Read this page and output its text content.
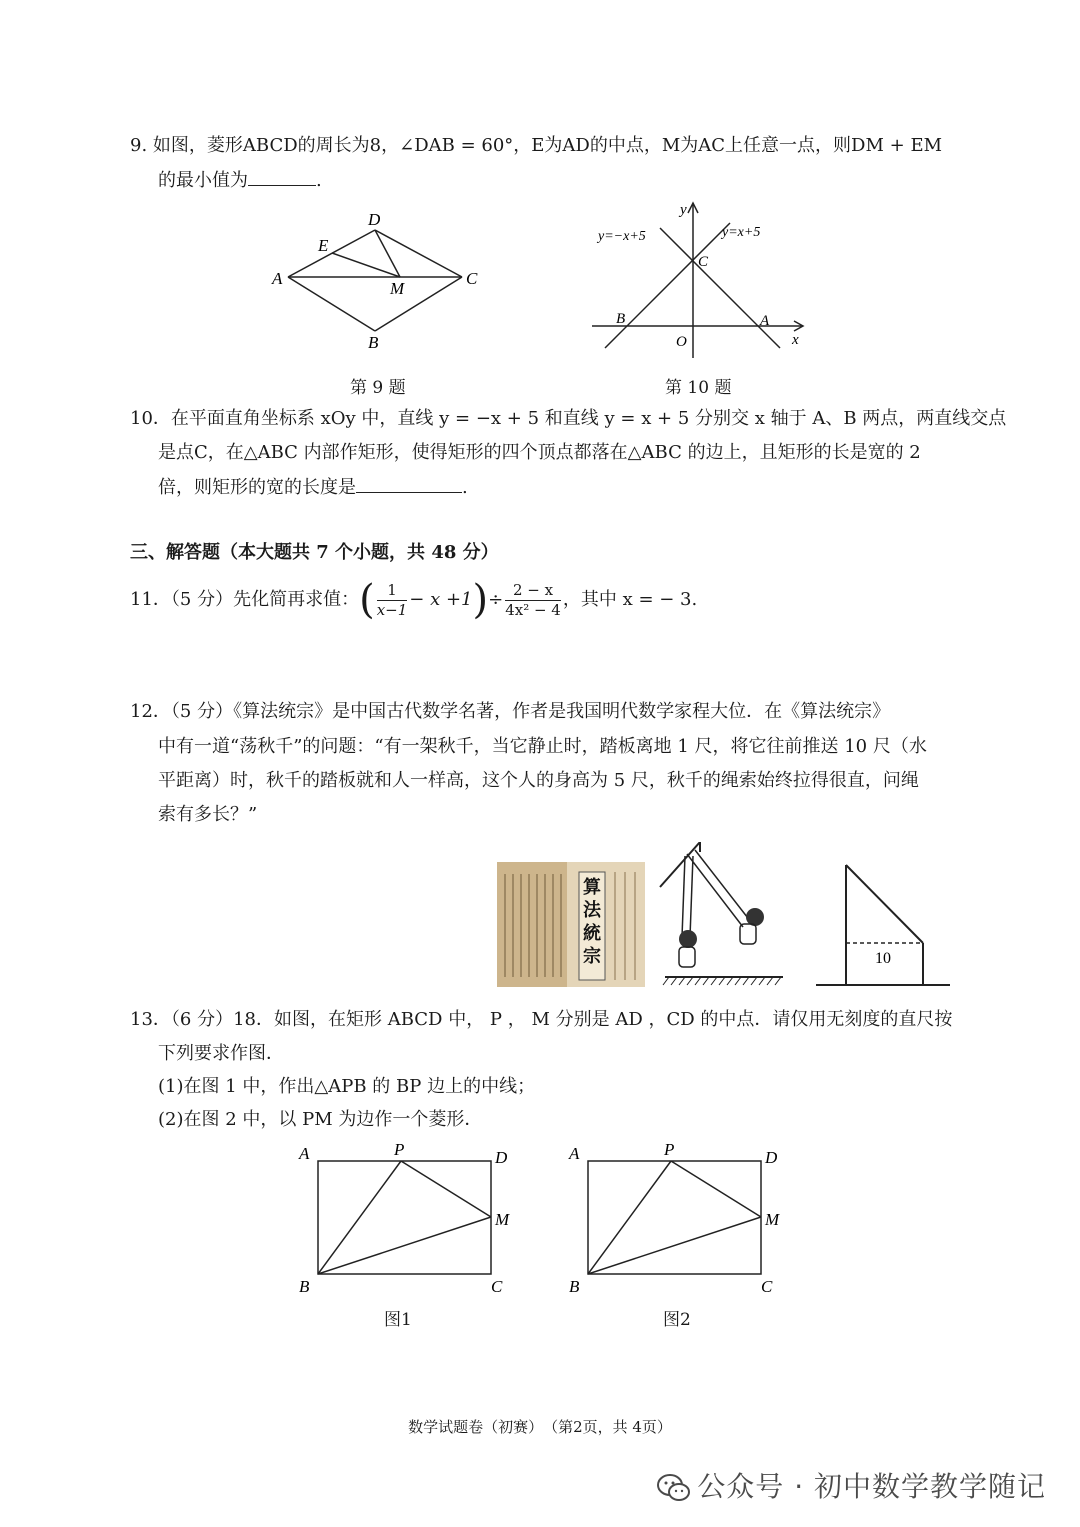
9. 如图，菱形ABCD的周长为8，∠DAB = 60°，E为AD的中点，M为AC上任意一点，则DM + EM
的最小值为	.
A
D
E
C
M
B
y
x
O
B	A
C
y=−x+5	y=x+5
第 9 题	第 10 题
10．在平面直角坐标系 xOy 中，直线 y = −x + 5 和直线 y = x + 5 分别交 x 轴于 A、B 两点，两直线交点
是点C，在△ABC 内部作矩形，使得矩形的四个顶点都落在△ABC 的边上，且矩形的长是宽的 2
倍，则矩形的宽的长度是	.
三、解答题（本大题共 7 个小题，共 48 分）
11．（5 分）先化简再求值：( $\frac{1}{x-1} - x +1)\div \frac{2 - x}{\text{4x² − 4}}$ ，其中 x = − 3.
12．（5 分）《算法统宗》是中国古代数学名著，作者是我国明代数学家程大位．在《算法统宗》
中有一道“荡秋千”的问题：“有一架秋千，当它静止时，踏板离地 1 尺，将它往前推送 10 尺（水
平距离）时，秋千的踏板就和人一样高，这个人的身高为 5 尺，秋千的绳索始终拉得很直，问绳
索有多长？”
算法統宗	10
13．（6 分）18．如图，在矩形 ABCD 中， P ， M 分别是 AD ，CD 的中点．请仅用无刻度的直尺按
下列要求作图．
(1)在图 1 中，作出△APB 的 BP 边上的中线；
(2)在图 2 中，以 PM 为边作一个菱形．
A	P	D
M
B	C
图1
A	P	D
M
B	C
图2
数学试题卷（初赛）　（第2页，共 4页）
公众号 · 初中数学教学随记
